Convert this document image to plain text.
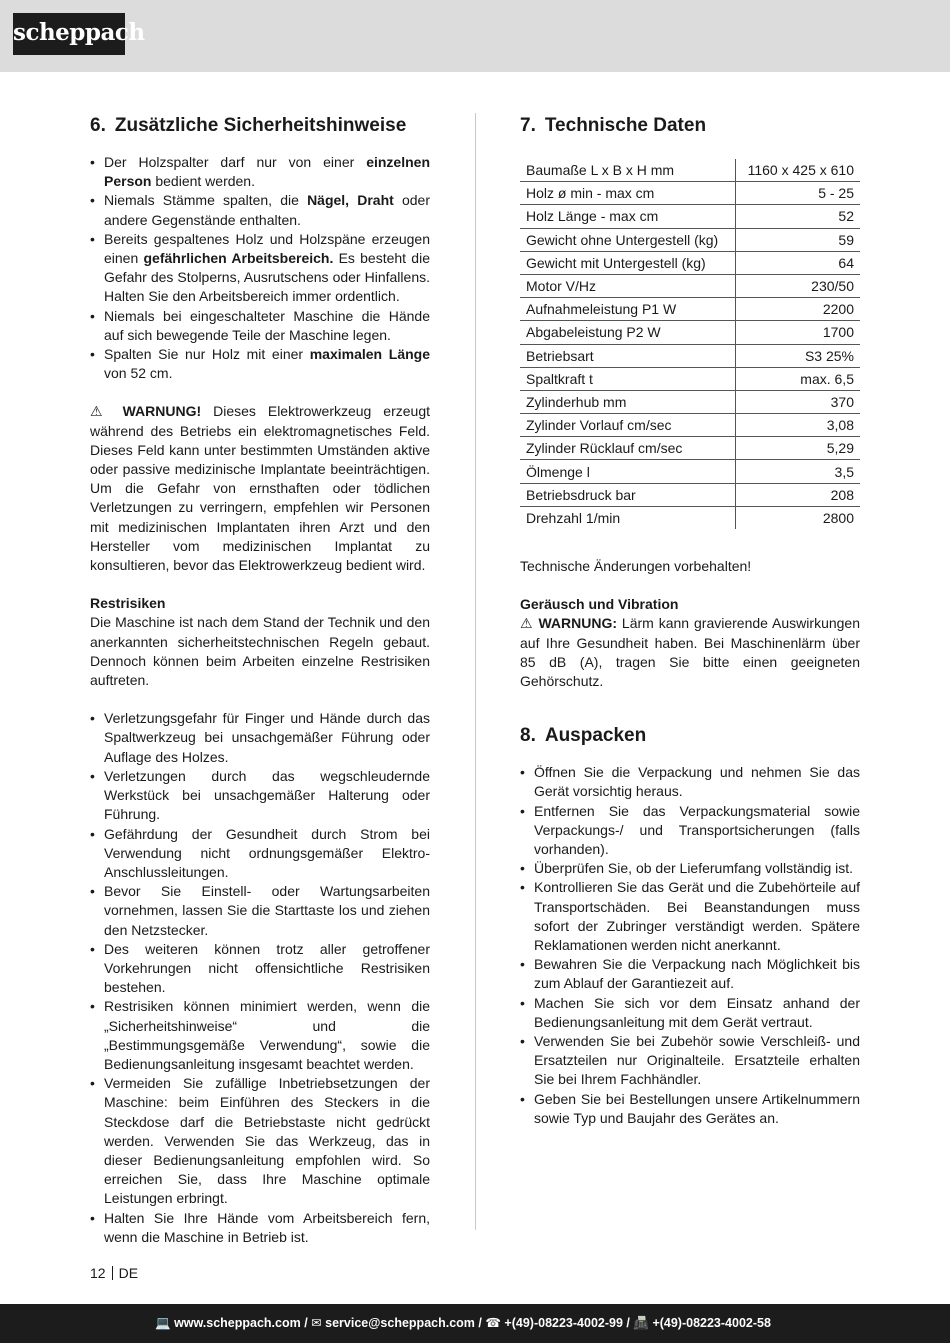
scheppach
6. Zusätzliche Sicherheitshinweise
• Der Holzspalter darf nur von einer einzelnen Person bedient werden.
• Niemals Stämme spalten, die Nägel, Draht oder andere Gegenstände enthalten.
• Bereits gespaltenes Holz und Holzspäne erzeugen einen gefährlichen Arbeitsbereich. Es besteht die Gefahr des Stolperns, Ausrutschens oder Hinfallens. Halten Sie den Arbeitsbereich immer ordentlich.
• Niemals bei eingeschalteter Maschine die Hände auf sich bewegende Teile der Maschine legen.
• Spalten Sie nur Holz mit einer maximalen Länge von 52 cm.

⚠ WARNUNG! Dieses Elektrowerkzeug erzeugt während des Betriebs ein elektromagnetisches Feld. Dieses Feld kann unter bestimmten Umständen aktive oder passive medizinische Implantate beeinträchtigen. Um die Gefahr von ernsthaften oder tödlichen Verletzungen zu verringern, empfehlen wir Personen mit medizinischen Implantaten ihren Arzt und den Hersteller vom medizinischen Implantat zu konsultieren, bevor das Elektrowerkzeug bedient wird.

Restrisiken

Die Maschine ist nach dem Stand der Technik und den anerkannten sicherheitstechnischen Regeln gebaut. Dennoch können beim Arbeiten einzelne Restrisiken auftreten.

• Verletzungsgefahr für Finger und Hände durch das Spaltwerkzeug bei unsachgemäßer Führung oder Auflage des Holzes.
• Verletzungen durch das wegschleudernde Werkstück bei unsachgemäßer Halterung oder Führung.
• Gefährdung der Gesundheit durch Strom bei Verwendung nicht ordnungsgemäßer Elektro-Anschlussleitungen.
• Bevor Sie Einstell- oder Wartungsarbeiten vornehmen, lassen Sie die Starttaste los und ziehen den Netzstecker.
• Des weiteren können trotz aller getroffener Vorkehrungen nicht offensichtliche Restrisiken bestehen.
• Restrisiken können minimiert werden, wenn die „Sicherheitshinweise“ und die „Bestimmungsgemäße Verwendung“, sowie die Bedienungsanleitung insgesamt beachtet werden.
• Vermeiden Sie zufällige Inbetriebsetzungen der Maschine: beim Einführen des Steckers in die Steckdose darf die Betriebstaste nicht gedrückt werden. Verwenden Sie das Werkzeug, das in dieser Bedienungsanleitung empfohlen wird. So erreichen Sie, dass Ihre Maschine optimale Leistungen erbringt.
• Halten Sie Ihre Hände vom Arbeitsbereich fern, wenn die Maschine in Betrieb ist.
7. Technische Daten
Baumaße L x B x H mm	1160 x 425 x 610
Holz ø min - max cm	5 - 25
Holz Länge - max cm	52
Gewicht ohne Untergestell (kg)	59
Gewicht mit Untergestell (kg)	64
Motor V/Hz	230/50
Aufnahmeleistung P1 W	2200
Abgabeleistung P2 W	1700
Betriebsart	S3 25%
Spaltkraft t	max. 6,5
Zylinderhub mm	370
Zylinder Vorlauf cm/sec	3,08
Zylinder Rücklauf cm/sec	5,29
Ölmenge l	3,5
Betriebsdruck bar	208
Drehzahl 1/min	2800

Technische Änderungen vorbehalten!

Geräusch und Vibration

⚠ WARNUNG: Lärm kann gravierende Auswirkungen auf Ihre Gesundheit haben. Bei Maschinenlärm über 85 dB (A), tragen Sie bitte einen geeigneten Gehörschutz.

8. Auspacken
• Öffnen Sie die Verpackung und nehmen Sie das Gerät vorsichtig heraus.
• Entfernen Sie das Verpackungsmaterial sowie Verpackungs-/ und Transportsicherungen (falls vorhanden).
• Überprüfen Sie, ob der Lieferumfang vollständig ist.
• Kontrollieren Sie das Gerät und die Zubehörteile auf Transportschäden. Bei Beanstandungen muss sofort der Zubringer verständigt werden. Spätere Reklamationen werden nicht anerkannt.
• Bewahren Sie die Verpackung nach Möglichkeit bis zum Ablauf der Garantiezeit auf.
• Machen Sie sich vor dem Einsatz anhand der Bedienungsanleitung mit dem Gerät vertraut.
• Verwenden Sie bei Zubehör sowie Verschleiß- und Ersatzteilen nur Originalteile. Ersatzteile erhalten Sie bei Ihrem Fachhändler.
• Geben Sie bei Bestellungen unsere Artikelnummern sowie Typ und Baujahr des Gerätes an.
12 DE
💻 www.scheppach.com / ✉ service@scheppach.com / ☎ +(49)-08223-4002-99 / 📠 +(49)-08223-4002-58
